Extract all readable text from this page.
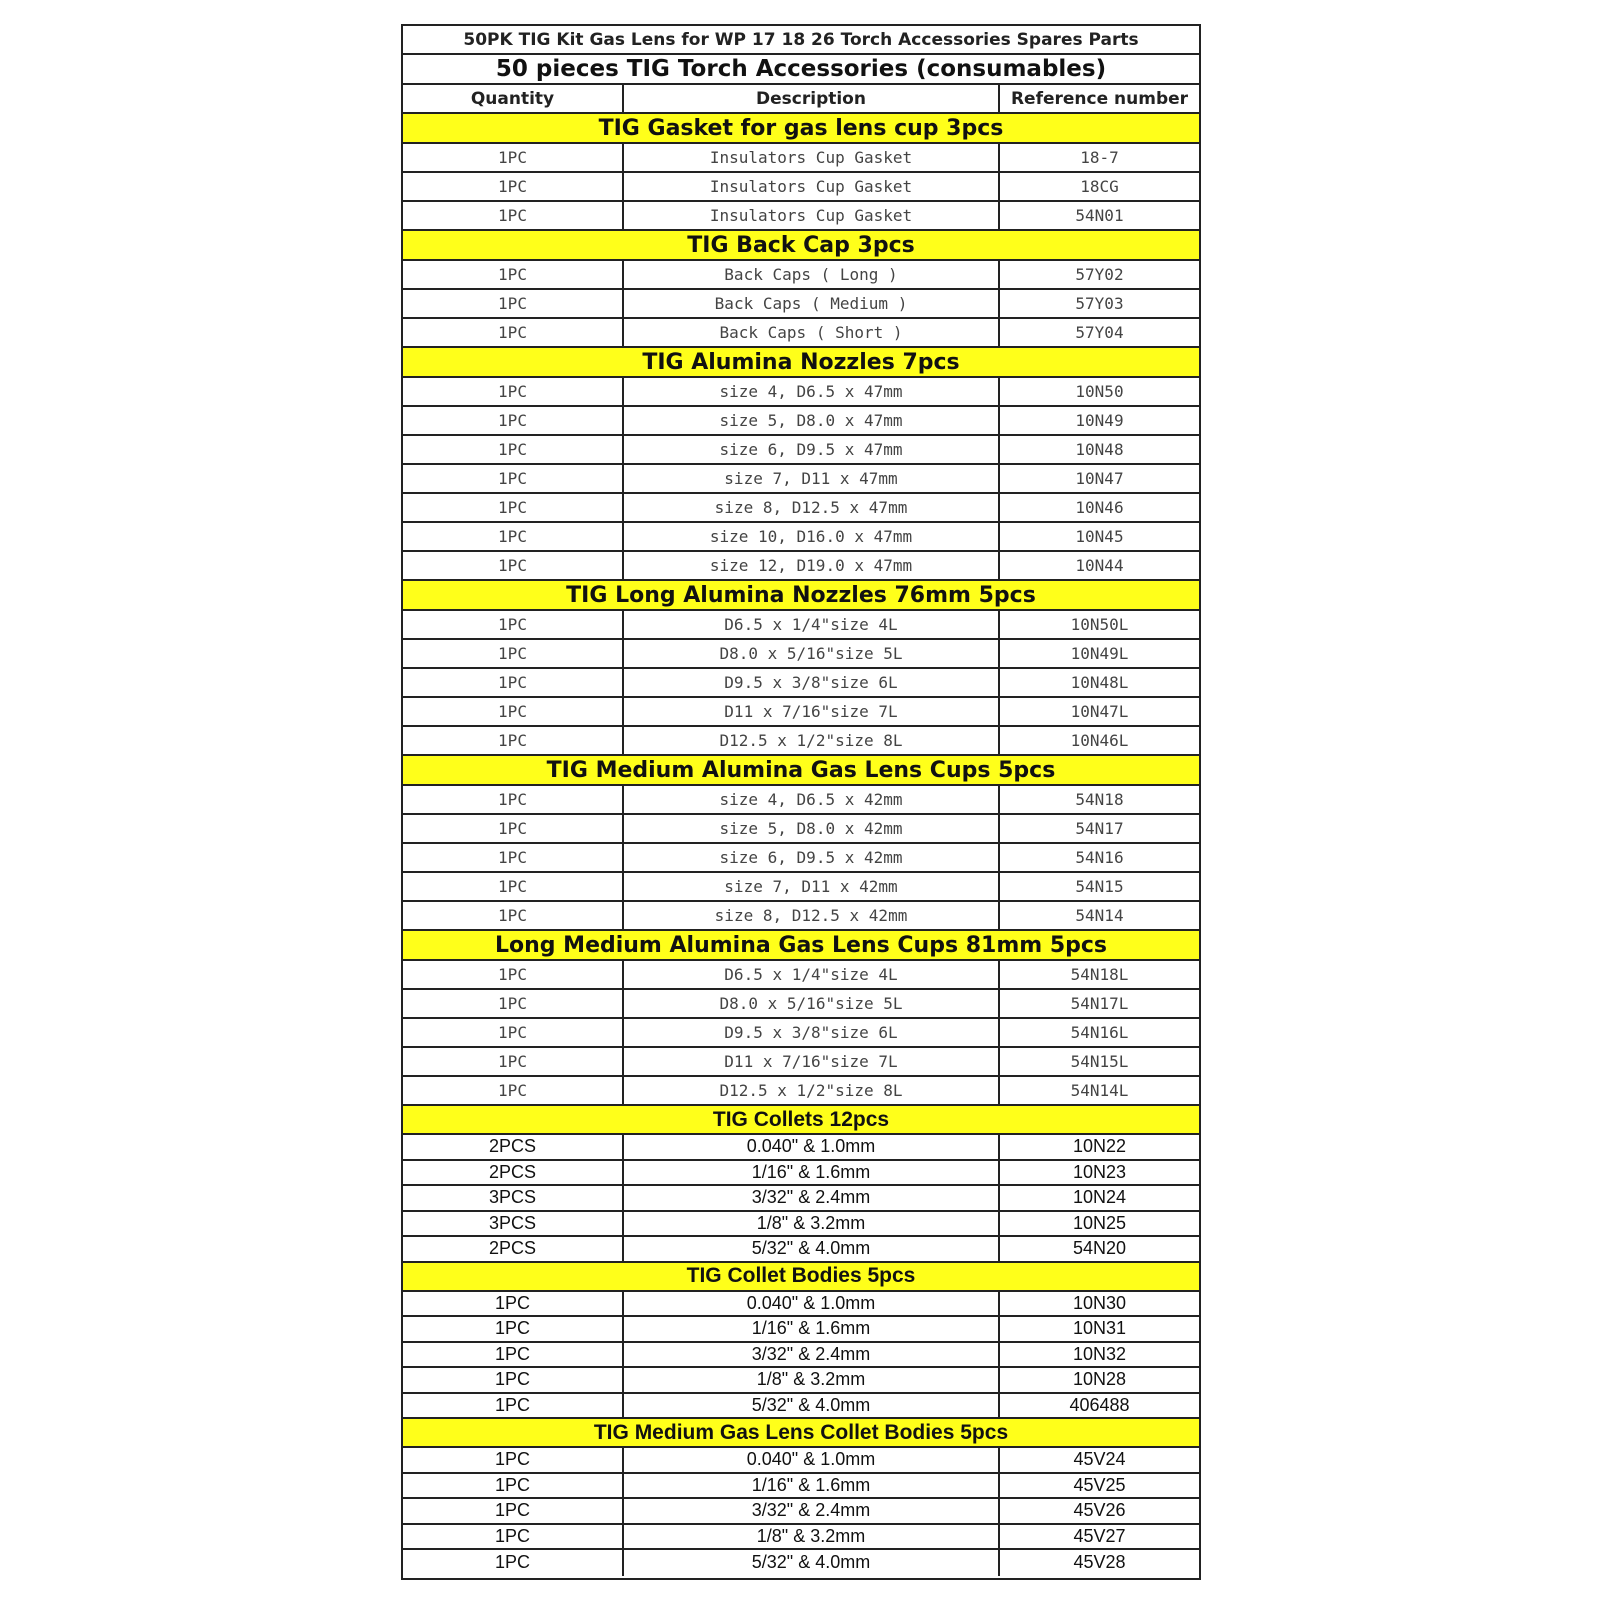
50PK TIG Kit Gas Lens for WP 17 18 26 Torch Accessories Spares Parts
50 pieces TIG Torch Accessories (consumables)
Quantity	Description	Reference number
TIG Gasket for gas lens cup 3pcs
1PC	Insulators Cup Gasket	18-7
1PC	Insulators Cup Gasket	18CG
1PC	Insulators Cup Gasket	54N01
TIG Back Cap 3pcs
1PC	Back Caps ( Long )	57Y02
1PC	Back Caps ( Medium )	57Y03
1PC	Back Caps ( Short )	57Y04
TIG Alumina Nozzles 7pcs
1PC	size 4, D6.5 x 47mm	10N50
1PC	size 5, D8.0 x 47mm	10N49
1PC	size 6, D9.5 x 47mm	10N48
1PC	size 7, D11 x 47mm	10N47
1PC	size 8, D12.5 x 47mm	10N46
1PC	size 10, D16.0 x 47mm	10N45
1PC	size 12, D19.0 x 47mm	10N44
TIG Long Alumina Nozzles 76mm 5pcs
1PC	D6.5 x 1/4"size 4L	10N50L
1PC	D8.0 x 5/16"size 5L	10N49L
1PC	D9.5 x 3/8"size 6L	10N48L
1PC	D11 x 7/16"size 7L	10N47L
1PC	D12.5 x 1/2"size 8L	10N46L
TIG Medium Alumina Gas Lens Cups 5pcs
1PC	size 4, D6.5 x 42mm	54N18
1PC	size 5, D8.0 x 42mm	54N17
1PC	size 6, D9.5 x 42mm	54N16
1PC	size 7, D11 x 42mm	54N15
1PC	size 8, D12.5 x 42mm	54N14
Long Medium Alumina Gas Lens Cups 81mm 5pcs
1PC	D6.5 x 1/4"size 4L	54N18L
1PC	D8.0 x 5/16"size 5L	54N17L
1PC	D9.5 x 3/8"size 6L	54N16L
1PC	D11 x 7/16"size 7L	54N15L
1PC	D12.5 x 1/2"size 8L	54N14L
TIG Collets 12pcs
2PCS	0.040" & 1.0mm	10N22
2PCS	1/16" & 1.6mm	10N23
3PCS	3/32" & 2.4mm	10N24
3PCS	1/8" & 3.2mm	10N25
2PCS	5/32" & 4.0mm	54N20
TIG Collet Bodies 5pcs
1PC	0.040" & 1.0mm	10N30
1PC	1/16" & 1.6mm	10N31
1PC	3/32" & 2.4mm	10N32
1PC	1/8" & 3.2mm	10N28
1PC	5/32" & 4.0mm	406488
TIG Medium Gas Lens Collet Bodies 5pcs
1PC	0.040" & 1.0mm	45V24
1PC	1/16" & 1.6mm	45V25
1PC	3/32" & 2.4mm	45V26
1PC	1/8" & 3.2mm	45V27
1PC	5/32" & 4.0mm	45V28
